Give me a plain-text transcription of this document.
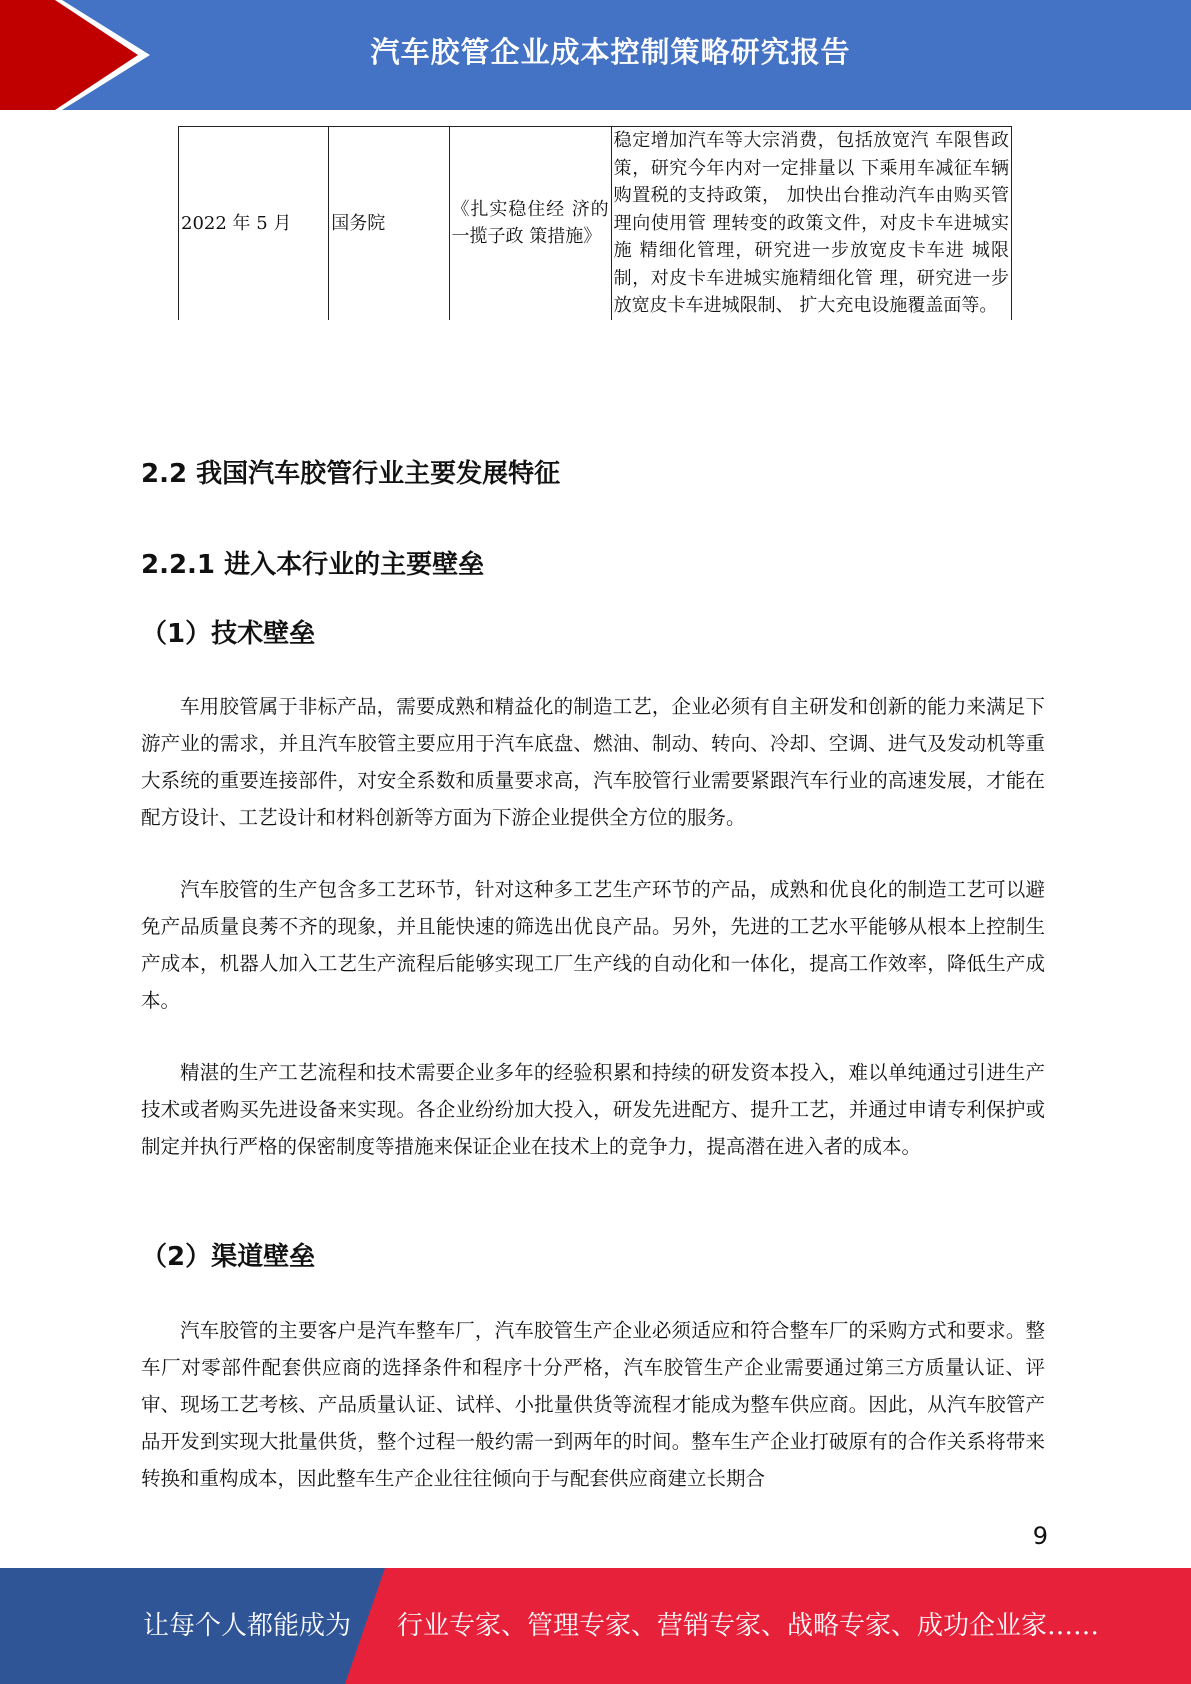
汽车胶管企业成本控制策略研究报告
2022 年 5 月	国务院	《扎实稳住经 济的一揽子政 策措施》	稳定增加汽车等大宗消费，包括放宽汽 车限售政策，研究今年内对一定排量以 下乘用车减征车辆购置税的支持政策， 加快出台推动汽车由购买管理向使用管 理转变的政策文件，对皮卡车进城实施 精细化管理，研究进一步放宽皮卡车进 城限制，对皮卡车进城实施精细化管 理，研究进一步放宽皮卡车进城限制、 扩大充电设施覆盖面等。
2.2 我国汽车胶管行业主要发展特征
2.2.1 进入本行业的主要壁垒
（1）技术壁垒

车用胶管属于非标产品，需要成熟和精益化的制造工艺，企业必须有自主研发和创新的能力来满足下游产业的需求，并且汽车胶管主要应用于汽车底盘、燃油、制动、转向、冷却、空调、进气及发动机等重大系统的重要连接部件，对安全系数和质量要求高，汽车胶管行业需要紧跟汽车行业的高速发展，才能在配方设计、工艺设计和材料创新等方面为下游企业提供全方位的服务。

汽车胶管的生产包含多工艺环节，针对这种多工艺生产环节的产品，成熟和优良化的制造工艺可以避免产品质量良莠不齐的现象，并且能快速的筛选出优良产品。另外，先进的工艺水平能够从根本上控制生产成本，机器人加入工艺生产流程后能够实现工厂生产线的自动化和一体化，提高工作效率，降低生产成本。

精湛的生产工艺流程和技术需要企业多年的经验积累和持续的研发资本投入，难以单纯通过引进生产技术或者购买先进设备来实现。各企业纷纷加大投入，研发先进配方、提升工艺，并通过申请专利保护或制定并执行严格的保密制度等措施来保证企业在技术上的竞争力，提高潜在进入者的成本。

（2）渠道壁垒

汽车胶管的主要客户是汽车整车厂，汽车胶管生产企业必须适应和符合整车厂的采购方式和要求。整车厂对零部件配套供应商的选择条件和程序十分严格，汽车胶管生产企业需要通过第三方质量认证、评审、现场工艺考核、产品质量认证、试样、小批量供货等流程才能成为整车供应商。因此，从汽车胶管产品开发到实现大批量供货，整个过程一般约需一到两年的时间。整车生产企业打破原有的合作关系将带来转换和重构成本，因此整车生产企业往往倾向于与配套供应商建立长期合

9
让每个人都能成为 行业专家、管理专家、营销专家、战略专家、成功企业家……
